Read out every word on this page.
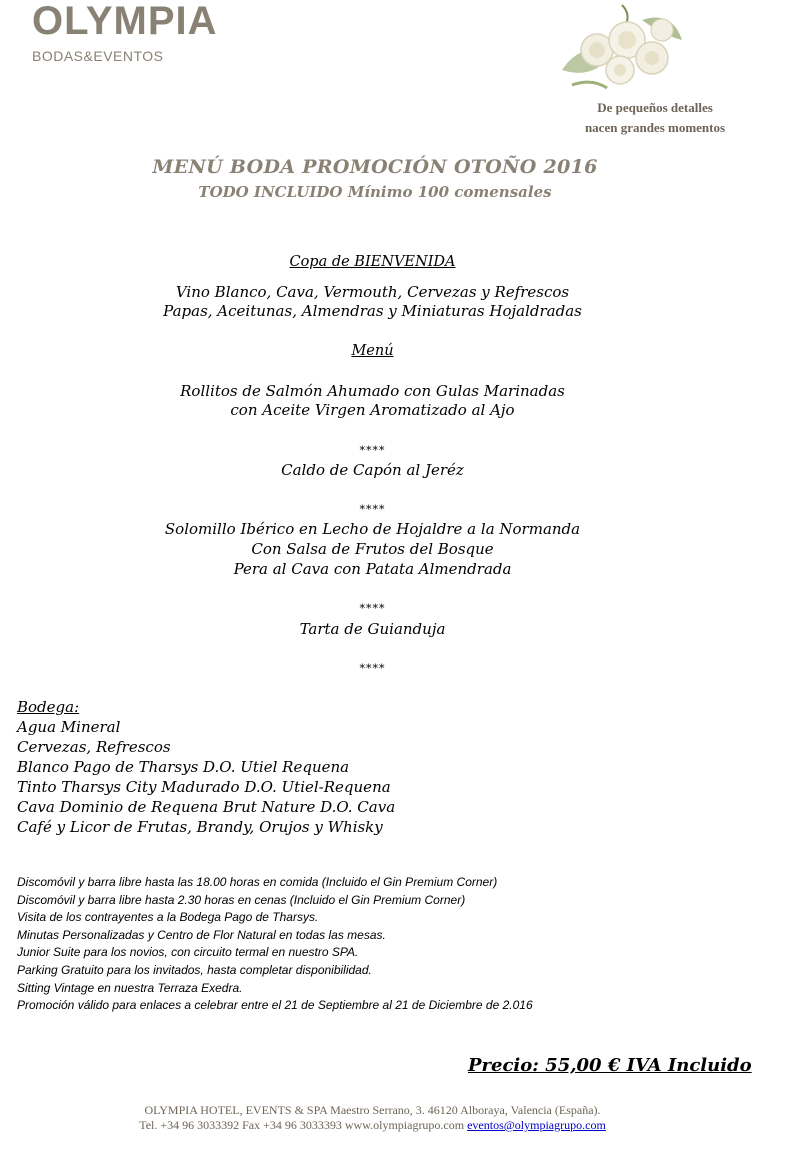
OLYMPIA
BODAS&EVENTOS
De pequeños detalles
nacen grandes momentos
MENÚ BODA PROMOCIÓN OTOÑO 2016
TODO INCLUIDO Mínimo 100 comensales
Copa de BIENVENIDA
Vino Blanco, Cava, Vermouth, Cervezas y Refrescos
Papas, Aceitunas, Almendras y Miniaturas Hojaldradas
Menú
Rollitos de Salmón Ahumado con Gulas Marinadas
con Aceite Virgen Aromatizado al Ajo
****
Caldo de Capón al Jeréz
****
Solomillo Ibérico en Lecho de Hojaldre a la Normanda
Con Salsa de Frutos del Bosque
Pera al Cava con Patata Almendrada
****
Tarta de Guianduja
****
Bodega:
Agua Mineral
Cervezas, Refrescos
Blanco Pago de Tharsys D.O. Utiel Requena
Tinto Tharsys City Madurado D.O. Utiel-Requena
Cava Dominio de Requena Brut Nature D.O. Cava
Café y Licor de Frutas, Brandy, Orujos y Whisky
Discomóvil y barra libre hasta las 18.00 horas en comida (Incluido el Gin Premium Corner)
Discomóvil y barra libre hasta 2.30 horas en cenas (Incluido el Gin Premium Corner)
Visita de los contrayentes a la Bodega Pago de Tharsys.
Minutas Personalizadas y Centro de Flor Natural en todas las mesas.
Junior Suite para los novios, con circuito termal en nuestro SPA.
Parking Gratuito para los invitados, hasta completar disponibilidad.
Sitting Vintage en nuestra Terraza Exedra.
Promoción válido para enlaces a celebrar entre el 21 de Septiembre al 21 de Diciembre de 2.016
Precio: 55,00 € IVA Incluido
OLYMPIA HOTEL, EVENTS & SPA Maestro Serrano, 3. 46120 Alboraya, Valencia (España).
Tel. +34 96 3033392 Fax +34 96 3033393 www.olympiagrupo.com eventos@olympiagrupo.com
